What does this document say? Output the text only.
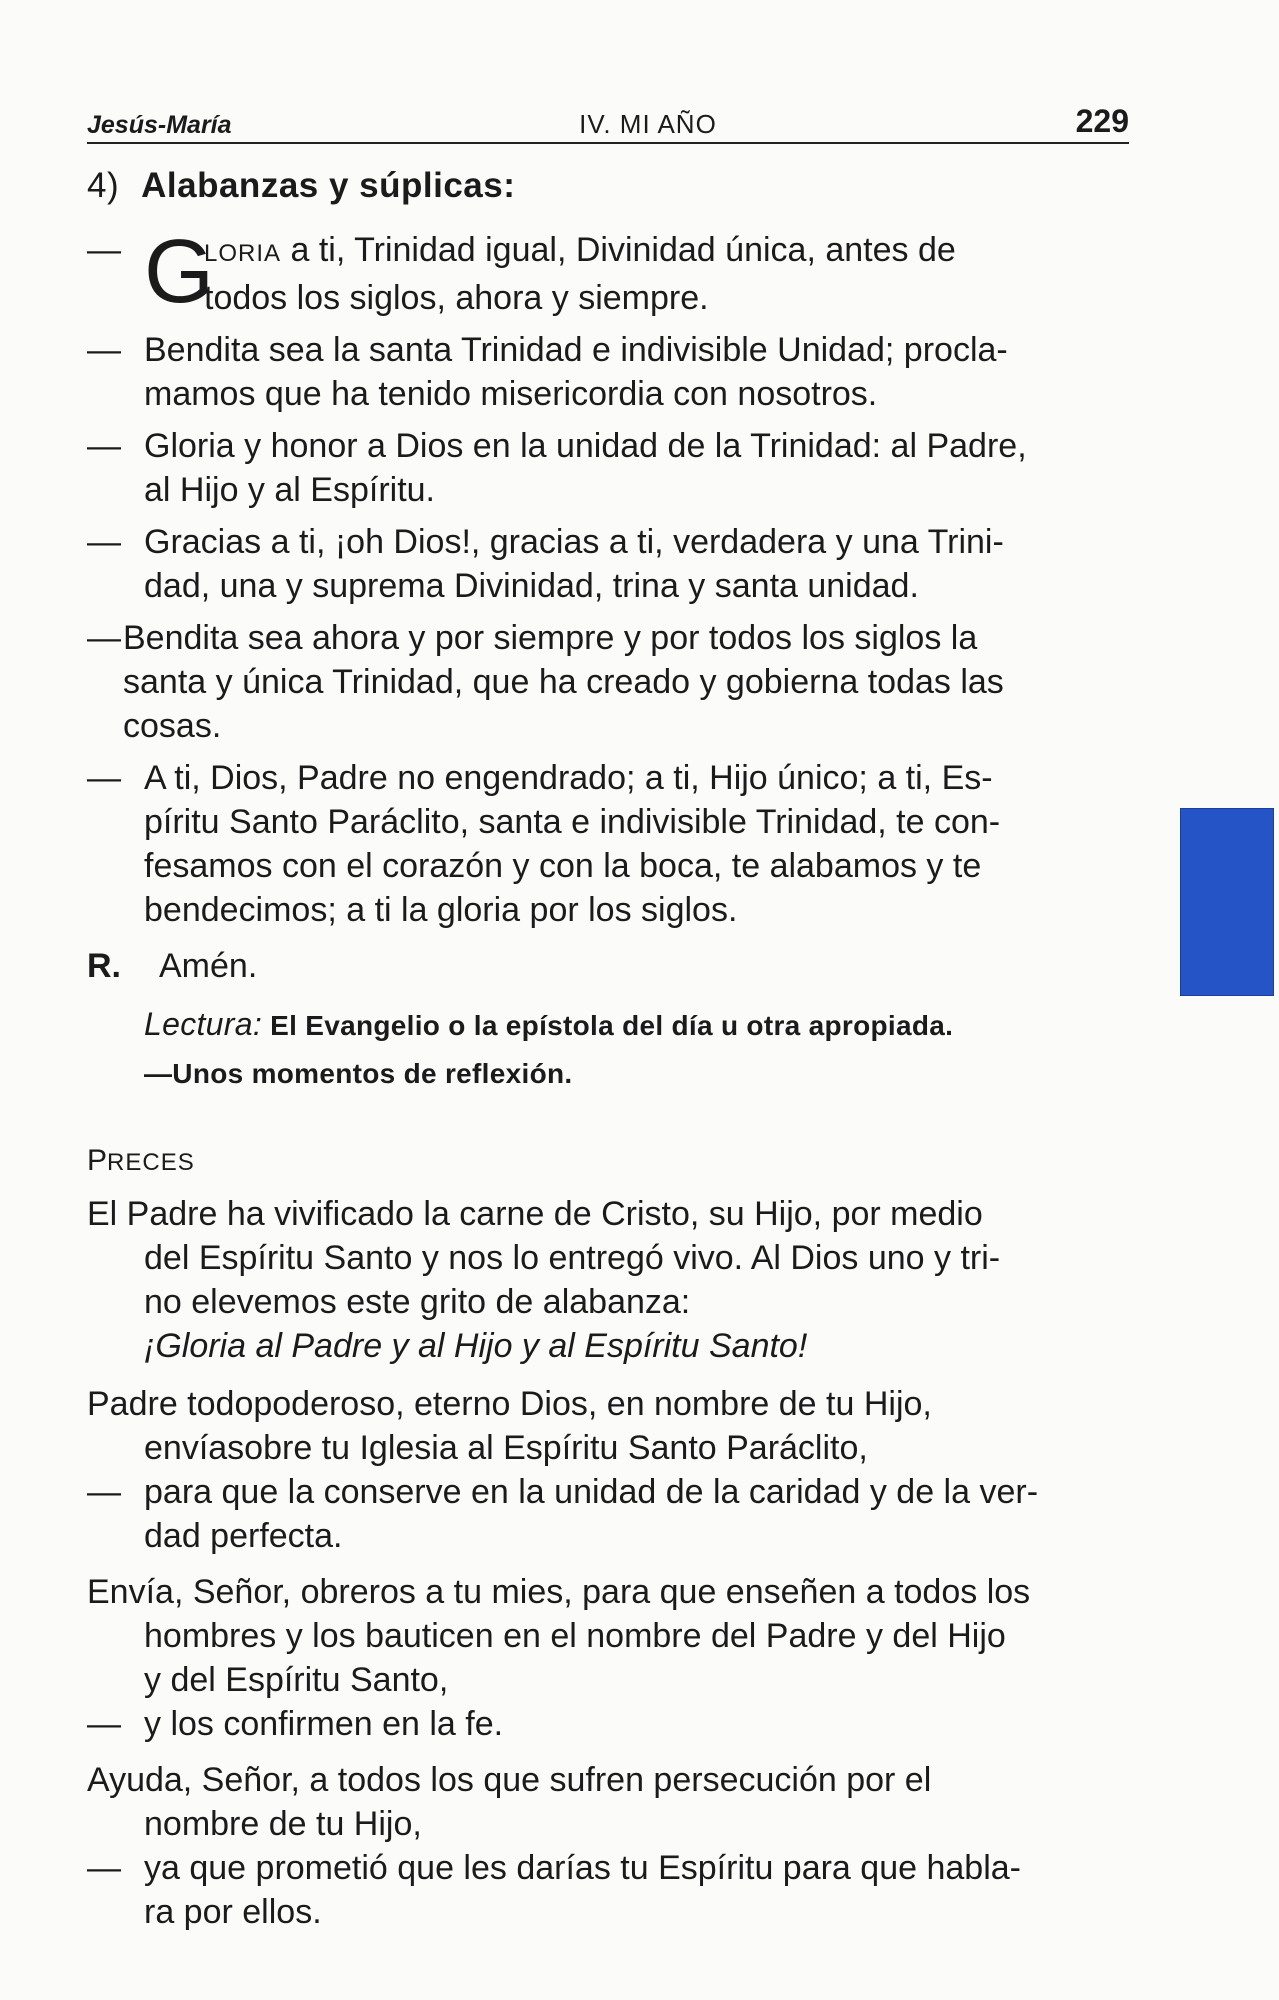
Jesús-María	IV. MI AÑO	229
4) Alabanzas y súplicas:
— G

LORIA a ti, Trinidad igual, Divinidad única, antes de

todos los siglos, ahora y siempre.

— Bendita sea la santa Trinidad e indivisible Unidad; procla-

mamos que ha tenido misericordia con nosotros.

— Gloria y honor a Dios en la unidad de la Trinidad: al Padre,

al Hijo y al Espíritu.

— Gracias a ti, ¡oh Dios!, gracias a ti, verdadera y una Trini-

dad, una y suprema Divinidad, trina y santa unidad.

— Bendita sea ahora y por siempre y por todos los siglos la

santa y única Trinidad, que ha creado y gobierna todas las

cosas.

— A ti, Dios, Padre no engendrado; a ti, Hijo único; a ti, Es-

píritu Santo Paráclito, santa e indivisible Trinidad, te con-

fesamos con el corazón y con la boca, te alabamos y te

bendecimos; a ti la gloria por los siglos.

R.	Amén.

Lectura: El Evangelio o la epístola del día u otra apropiada.

—Unos momentos de reflexión.

PRECES

El Padre ha vivificado la carne de Cristo, su Hijo, por medio

del Espíritu Santo y nos lo entregó vivo. Al Dios uno y tri-

no elevemos este grito de alabanza:

¡Gloria al Padre y al Hijo y al Espíritu Santo!

Padre todopoderoso, eterno Dios, en nombre de tu Hijo,

envíasobre tu Iglesia al Espíritu Santo Paráclito,

— para que la conserve en la unidad de la caridad y de la ver-

dad perfecta.

Envía, Señor, obreros a tu mies, para que enseñen a todos los

hombres y los bauticen en el nombre del Padre y del Hijo

y del Espíritu Santo,

— y los confirmen en la fe.

Ayuda, Señor, a todos los que sufren persecución por el

nombre de tu Hijo,

— ya que prometió que les darías tu Espíritu para que habla-

ra por ellos.
